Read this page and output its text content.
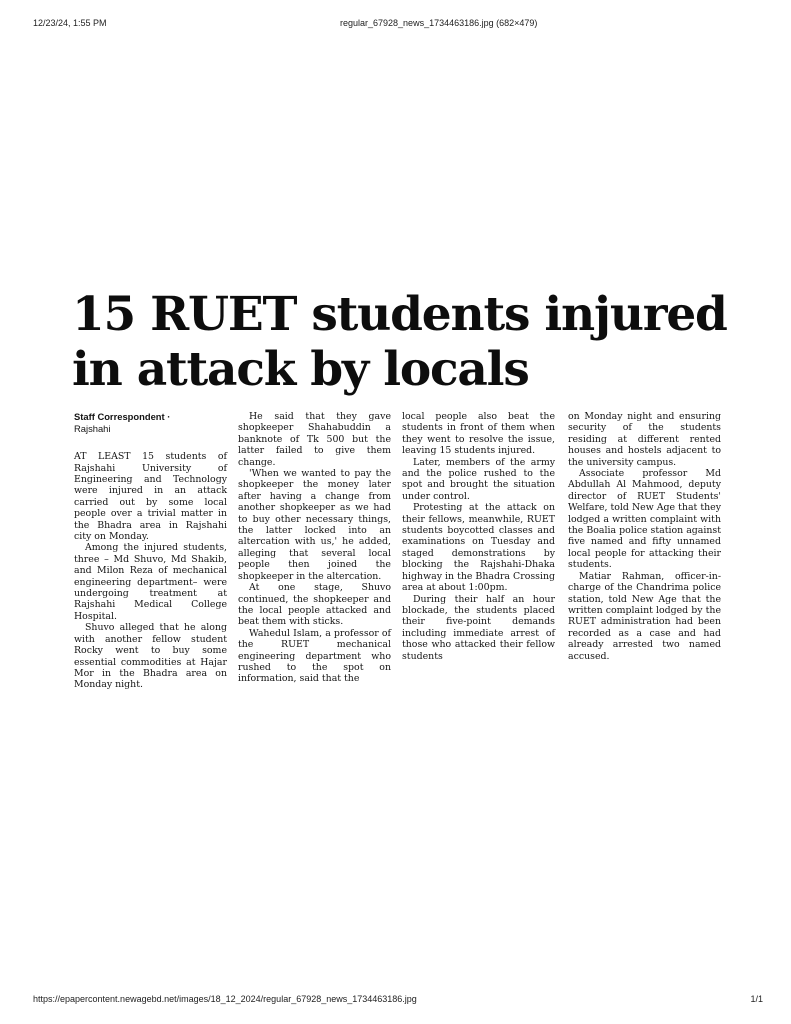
12/23/24, 1:55 PM	regular_67928_news_1734463186.jpg (682×479)
15 RUET students injured
in attack by locals
Staff Correspondent ·
Rajshahi

AT LEAST 15 students of Rajshahi University of Engineering and Technology were injured in an attack carried out by some local people over a trivial matter in the Bhadra area in Rajshahi city on Monday.

Among the injured students, three – Md Shuvo, Md Shakib, and Milon Reza of mechanical engineering department– were undergoing treatment at Rajshahi Medical College Hospital.

Shuvo alleged that he along with another fellow student Rocky went to buy some essential commodities at Hajar Mor in the Bhadra area on Monday night.

He said that they gave shopkeeper Shahabuddin a banknote of Tk 500 but the latter failed to give them change.

'When we wanted to pay the shopkeeper the money later after having a change from another shopkeeper as we had to buy other necessary things, the latter locked into an altercation with us,' he added, alleging that several local people then joined the shopkeeper in the altercation.

At one stage, Shuvo continued, the shopkeeper and the local people attacked and beat them with sticks.

Wahedul Islam, a professor of the RUET mechanical engineering department who rushed to the spot on information, said that the

local people also beat the students in front of them when they went to resolve the issue, leaving 15 students injured.

Later, members of the army and the police rushed to the spot and brought the situation under control.

Protesting at the attack on their fellows, meanwhile, RUET students boycotted classes and examinations on Tuesday and staged demonstrations by blocking the Rajshahi-Dhaka highway in the Bhadra Crossing area at about 1:00pm.

During their half an hour blockade, the students placed their five-point demands including immediate arrest of those who attacked their fellow students

on Monday night and ensuring security of the students residing at different rented houses and hostels adjacent to the university campus.

Associate professor Md Abdullah Al Mahmood, deputy director of RUET Students' Welfare, told New Age that they lodged a written complaint with the Boalia police station against five named and fifty unnamed local people for attacking their students.

Matiar Rahman, officer-in-charge of the Chandrima police station, told New Age that the written complaint lodged by the RUET administration had been recorded as a case and had already arrested two named accused.

https://epapercontent.newagebd.net/images/18_12_2024/regular_67928_news_1734463186.jpg	1/1
